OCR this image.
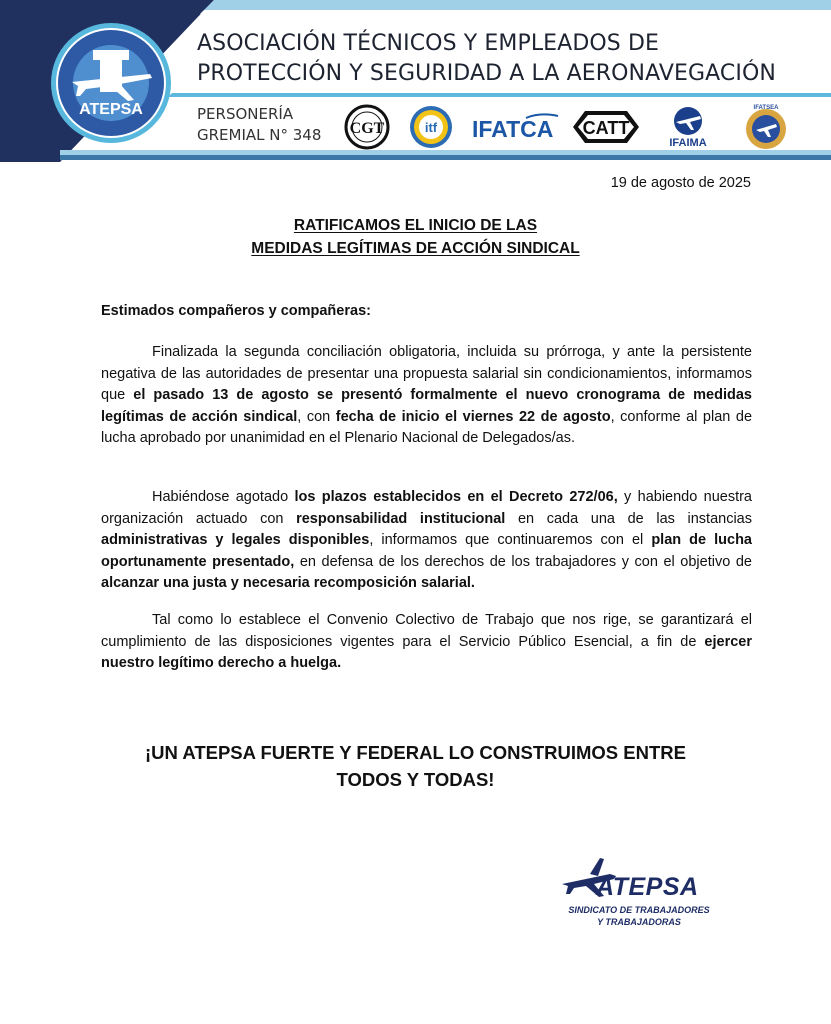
ATEPSA
ASOCIACIÓN TÉCNICOS Y EMPLEADOS DE
PROTECCIÓN Y SEGURIDAD A LA AERONAVEGACIÓN
PERSONERÍA
GREMIAL N° 348 CGT	itf IFATCA CATT
IFAIMA
IFATSEA
19 de agosto de 2025
RATIFICAMOS EL INICIO DE LAS
MEDIDAS LEGÍTIMAS DE ACCIÓN SINDICAL
Estimados compañeros y compañeras:

Finalizada la segunda conciliación obligatoria, incluida su prórroga, y ante la persistente negativa de las autoridades de presentar una propuesta salarial sin condicionamientos, informamos que el pasado 13 de agosto se presentó formalmente el nuevo cronograma de medidas legítimas de acción sindical, con fecha de inicio el viernes 22 de agosto, conforme al plan de lucha aprobado por unanimidad en el Plenario Nacional de Delegados/as.

Habiéndose agotado los plazos establecidos en el Decreto 272/06, y habiendo nuestra organización actuado con responsabilidad institucional en cada una de las instancias administrativas y legales disponibles, informamos que continuaremos con el plan de lucha oportunamente presentado, en defensa de los derechos de los trabajadores y con el objetivo de alcanzar una justa y necesaria recomposición salarial.

Tal como lo establece el Convenio Colectivo de Trabajo que nos rige, se garantizará el cumplimiento de las disposiciones vigentes para el Servicio Público Esencial, a fin de ejercer nuestro legítimo derecho a huelga.

¡UN ATEPSA FUERTE Y FEDERAL LO CONSTRUIMOS ENTRE
TODOS Y TODAS!
ATEPSA
SINDICATO DE TRABAJADORES
Y TRABAJADORAS
